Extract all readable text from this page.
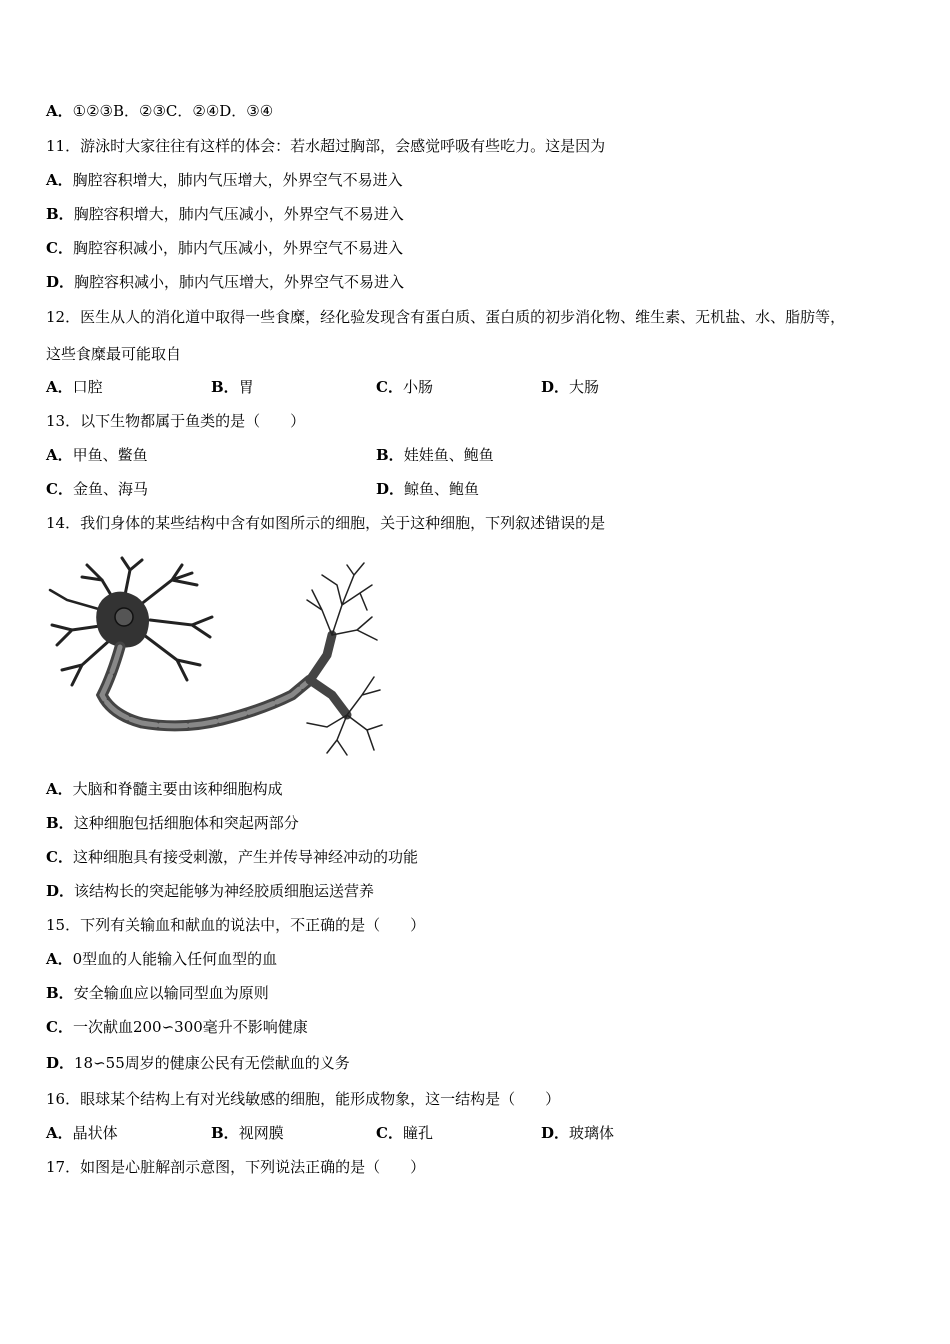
A．①②③B．②③C．②④D．③④
11．游泳时大家往往有这样的体会：若水超过胸部，会感觉呼吸有些吃力。这是因为
A．胸腔容积增大，肺内气压增大，外界空气不易进入
B．胸腔容积增大，肺内气压减小，外界空气不易进入
C．胸腔容积减小，肺内气压减小，外界空气不易进入
D．胸腔容积减小，肺内气压增大，外界空气不易进入
12．医生从人的消化道中取得一些食糜，经化验发现含有蛋白质、蛋白质的初步消化物、维生素、无机盐、水、脂肪等，
这些食糜最可能取自
A．口腔	B．胃	C．小肠	D．大肠
13．以下生物都属于鱼类的是（　　）
A．甲鱼、鳖鱼	B．娃娃鱼、鲍鱼
C．金鱼、海马	D．鲸鱼、鲍鱼
14．我们身体的某些结构中含有如图所示的细胞，关于这种细胞，下列叙述错误的是
A．大脑和脊髓主要由该种细胞构成
B．这种细胞包括细胞体和突起两部分
C．这种细胞具有接受刺激，产生并传导神经冲动的功能
D．该结构长的突起能够为神经胶质细胞运送营养
15．下列有关输血和献血的说法中，不正确的是（　　）
A．0型血的人能输入任何血型的血
B．安全输血应以输同型血为原则
C．一次献血200∽300毫升不影响健康
D．18∽55周岁的健康公民有无偿献血的义务
16．眼球某个结构上有对光线敏感的细胞，能形成物象，这一结构是（　　）
A．晶状体	B．视网膜	C．瞳孔	D．玻璃体
17．如图是心脏解剖示意图，下列说法正确的是（　　）
